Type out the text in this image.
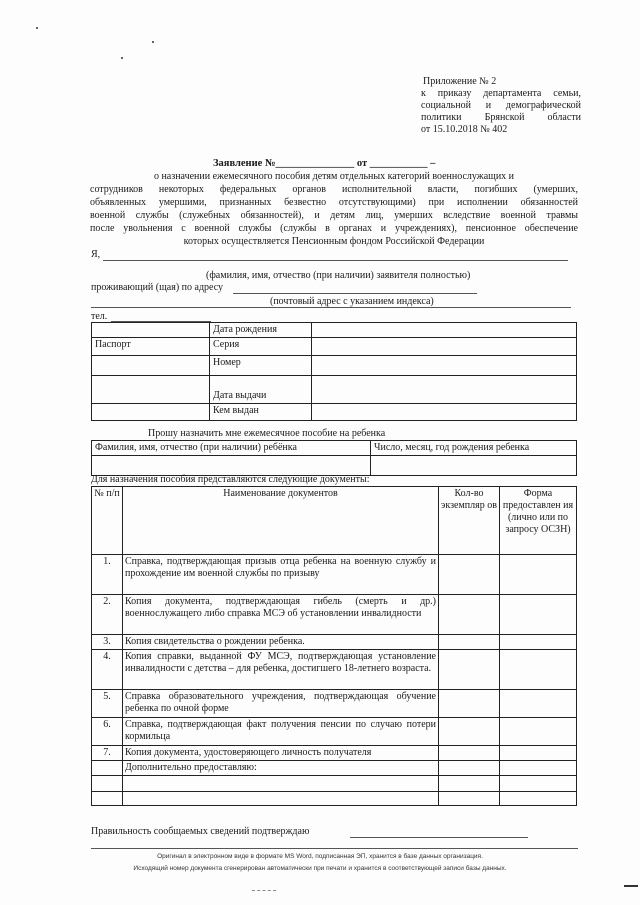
Приложение № 2
к приказу департамента семьи,
социальной и демографической
политики Брянской области
от 15.10.2018 № 402
Заявление №_______________ от ___________ –
о назначении ежемесячного пособия детям отдельных категорий военнослужащих и
сотрудников некоторых федеральных органов исполнительной власти, погибших (умерших,
объявленных умершими, признанных безвестно отсутствующими) при исполнении обязанностей
военной службы (служебных обязанностей), и детям лиц, умерших вследствие военной травмы
после увольнения с военной службы (службы в органах и учреждениях), пенсионное обеспечение
которых осуществляется Пенсионным фондом Российской Федерации
Я,
(фамилия, имя, отчество (при наличии) заявителя полностью)
проживающий (щая) по адресу
(почтовый адрес с указанием индекса)
тел.
	Дата рождения	
Паспорт	Серия	
	Номер	
	Дата выдачи	
	Кем выдан	
Прошу назначить мне ежемесячное пособие на ребенка
Фамилия, имя, отчество (при наличии) ребёнка	Число, месяц, год рождения ребенка

Для назначения пособия представляются следующие документы:
№ п/п	Наименование документов	Кол-во экземпляр ов	Форма предоставлен ия (лично или по запросу ОСЗН)
1.	Справка, подтверждающая призыв отца ребенка на военную службу и прохождение им военной службы по призыву		
2.	Копия документа, подтверждающая гибель (смерть и др.) военнослужащего либо справка МСЭ об установлении инвалидности		
3.	Копия свидетельства о рождении ребенка.		
4.	Копия справки, выданной ФУ МСЭ, подтверждающая установление инвалидности с детства – для ребенка, достигшего 18-летнего возраста.		
5.	Справка образовательного учреждения, подтверждающая обучение ребенка по очной форме		
6.	Справка, подтверждающая факт получения пенсии по случаю потери кормильца		
7.	Копия документа, удостоверяющего личность получателя		
	Дополнительно предоставляю:		

Правильность сообщаемых сведений подтверждаю
Оригинал в электронном виде в формате MS Word, подписанная ЭП, хранится в базе данных организация.
Исходящий номер документа сгенерирован автоматически при печати и хранится в соответствующей записи базы данных.
